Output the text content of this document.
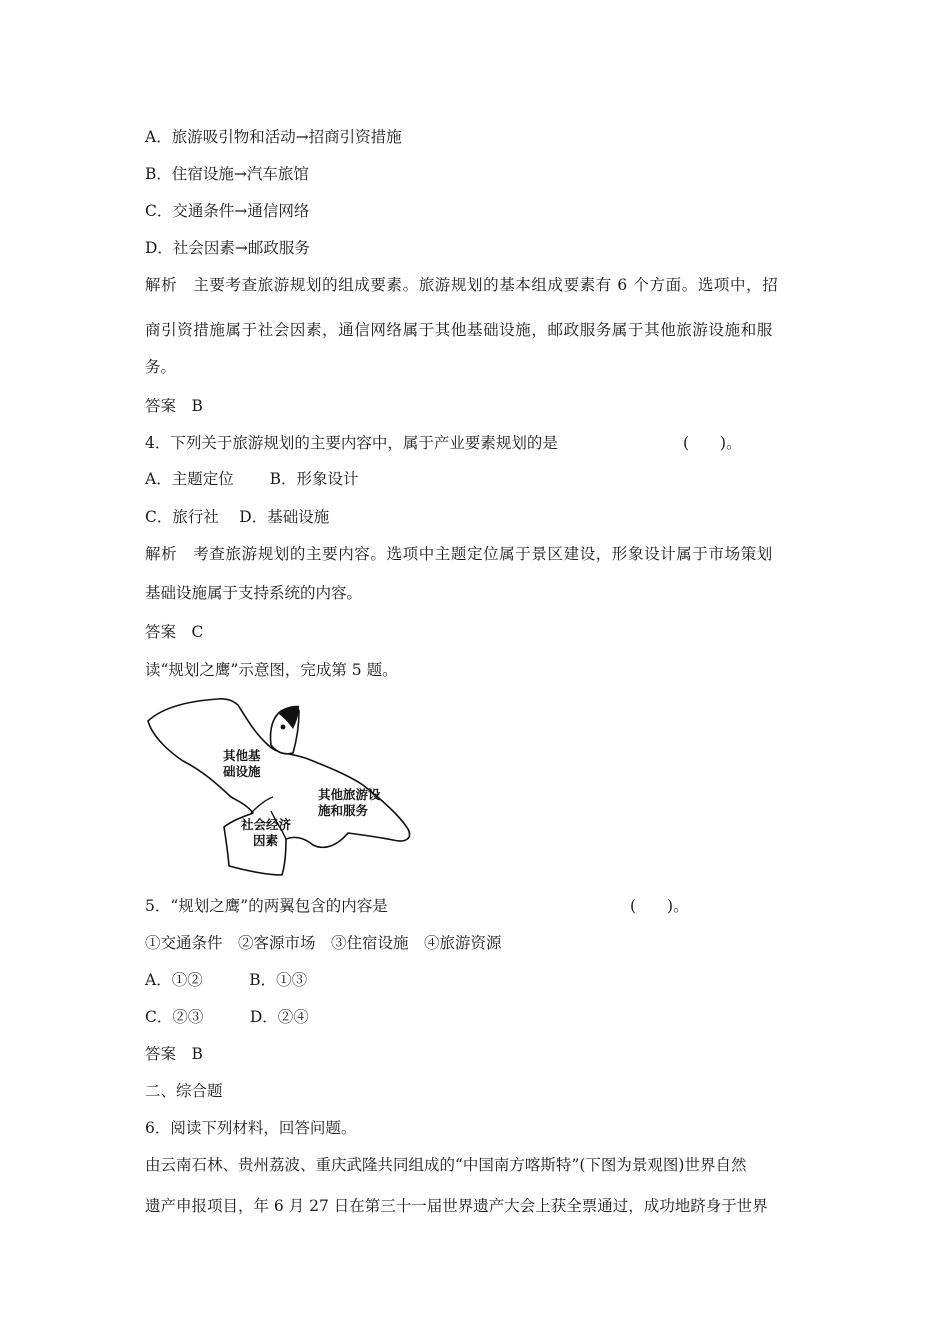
A．旅游吸引物和活动→招商引资措施
B．住宿设施→汽车旅馆
C．交通条件→通信网络
D．社会因素→邮政服务
解析　主要考查旅游规划的组成要素。旅游规划的基本组成要素有 6 个方面。选项中，招
商引资措施属于社会因素，通信网络属于其他基础设施，邮政服务属于其他旅游设施和服
务。
答案　B
4．下列关于旅游规划的主要内容中，属于产业要素规划的是	(　　)。
A．主题定位　　 B．形象设计
C．旅行社　 D．基础设施
解析　考查旅游规划的主要内容。选项中主题定位属于景区建设，形象设计属于市场策划
基础设施属于支持系统的内容。
答案　C
读“规划之鹰”示意图，完成第 5 题。
其他基
础设施
其他旅游设
施和服务
社会经济
因素
5．“规划之鹰”的两翼包含的内容是	(　　)。
①交通条件　②客源市场　③住宿设施　④旅游资源
A．①②　　　B．①③
C．②③　　　D．②④
答案　B
二、综合题
6．阅读下列材料，回答问题。
由云南石林、贵州荔波、重庆武隆共同组成的“中国南方喀斯特”(下图为景观图)世界自然
遗产申报项目，年 6 月 27 日在第三十一届世界遗产大会上获全票通过，成功地跻身于世界
